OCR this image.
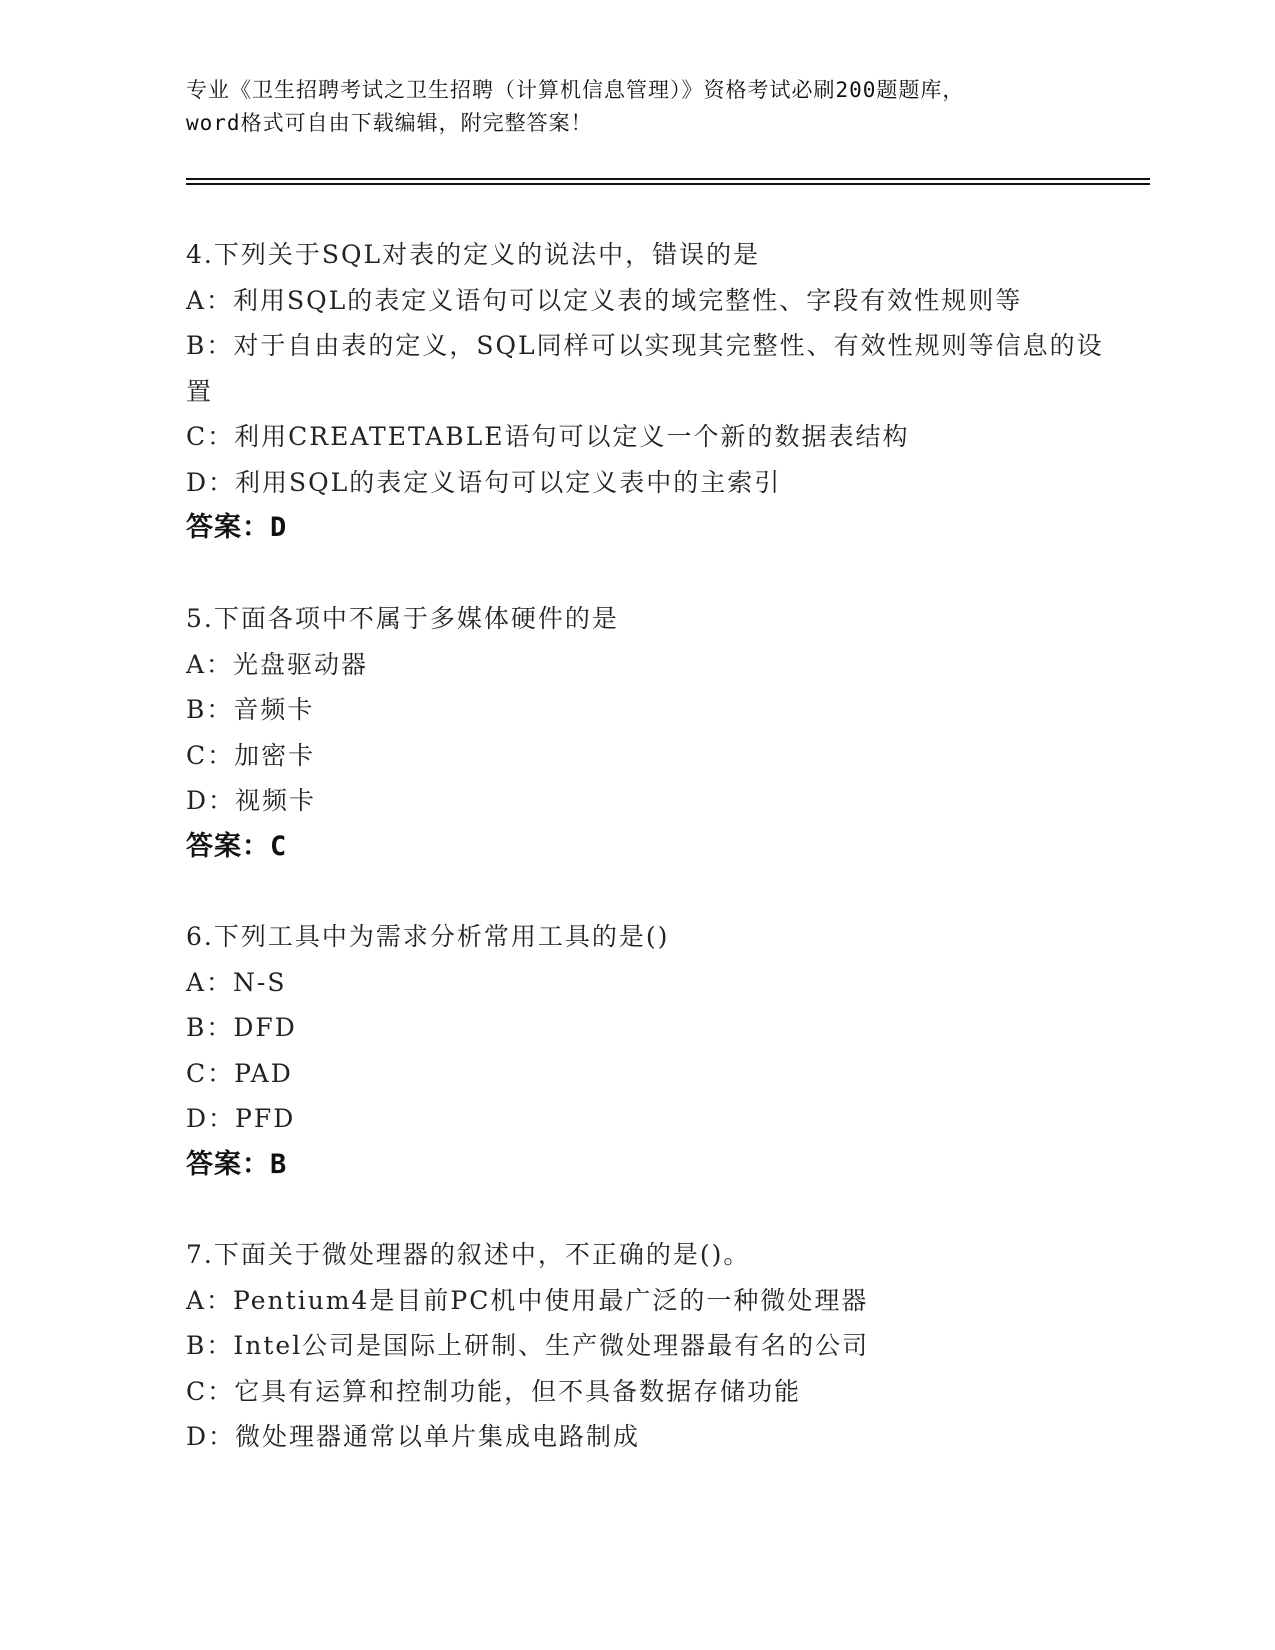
专业《卫生招聘考试之卫生招聘（计算机信息管理）》资格考试必刷200题题库，
word格式可自由下载编辑，附完整答案！
4.下列关于SQL对表的定义的说法中，错误的是
A：利用SQL的表定义语句可以定义表的域完整性、字段有效性规则等
B：对于自由表的定义，SQL同样可以实现其完整性、有效性规则等信息的设置
C：利用CREATETABLE语句可以定义一个新的数据表结构
D：利用SQL的表定义语句可以定义表中的主索引
答案：D
5.下面各项中不属于多媒体硬件的是
A：光盘驱动器
B：音频卡
C：加密卡
D：视频卡
答案：C
6.下列工具中为需求分析常用工具的是()
A：N-S
B：DFD
C：PAD
D：PFD
答案：B
7.下面关于微处理器的叙述中，不正确的是()。
A：Pentium4是目前PC机中使用最广泛的一种微处理器
B：Intel公司是国际上研制、生产微处理器最有名的公司
C：它具有运算和控制功能，但不具备数据存储功能
D：微处理器通常以单片集成电路制成
